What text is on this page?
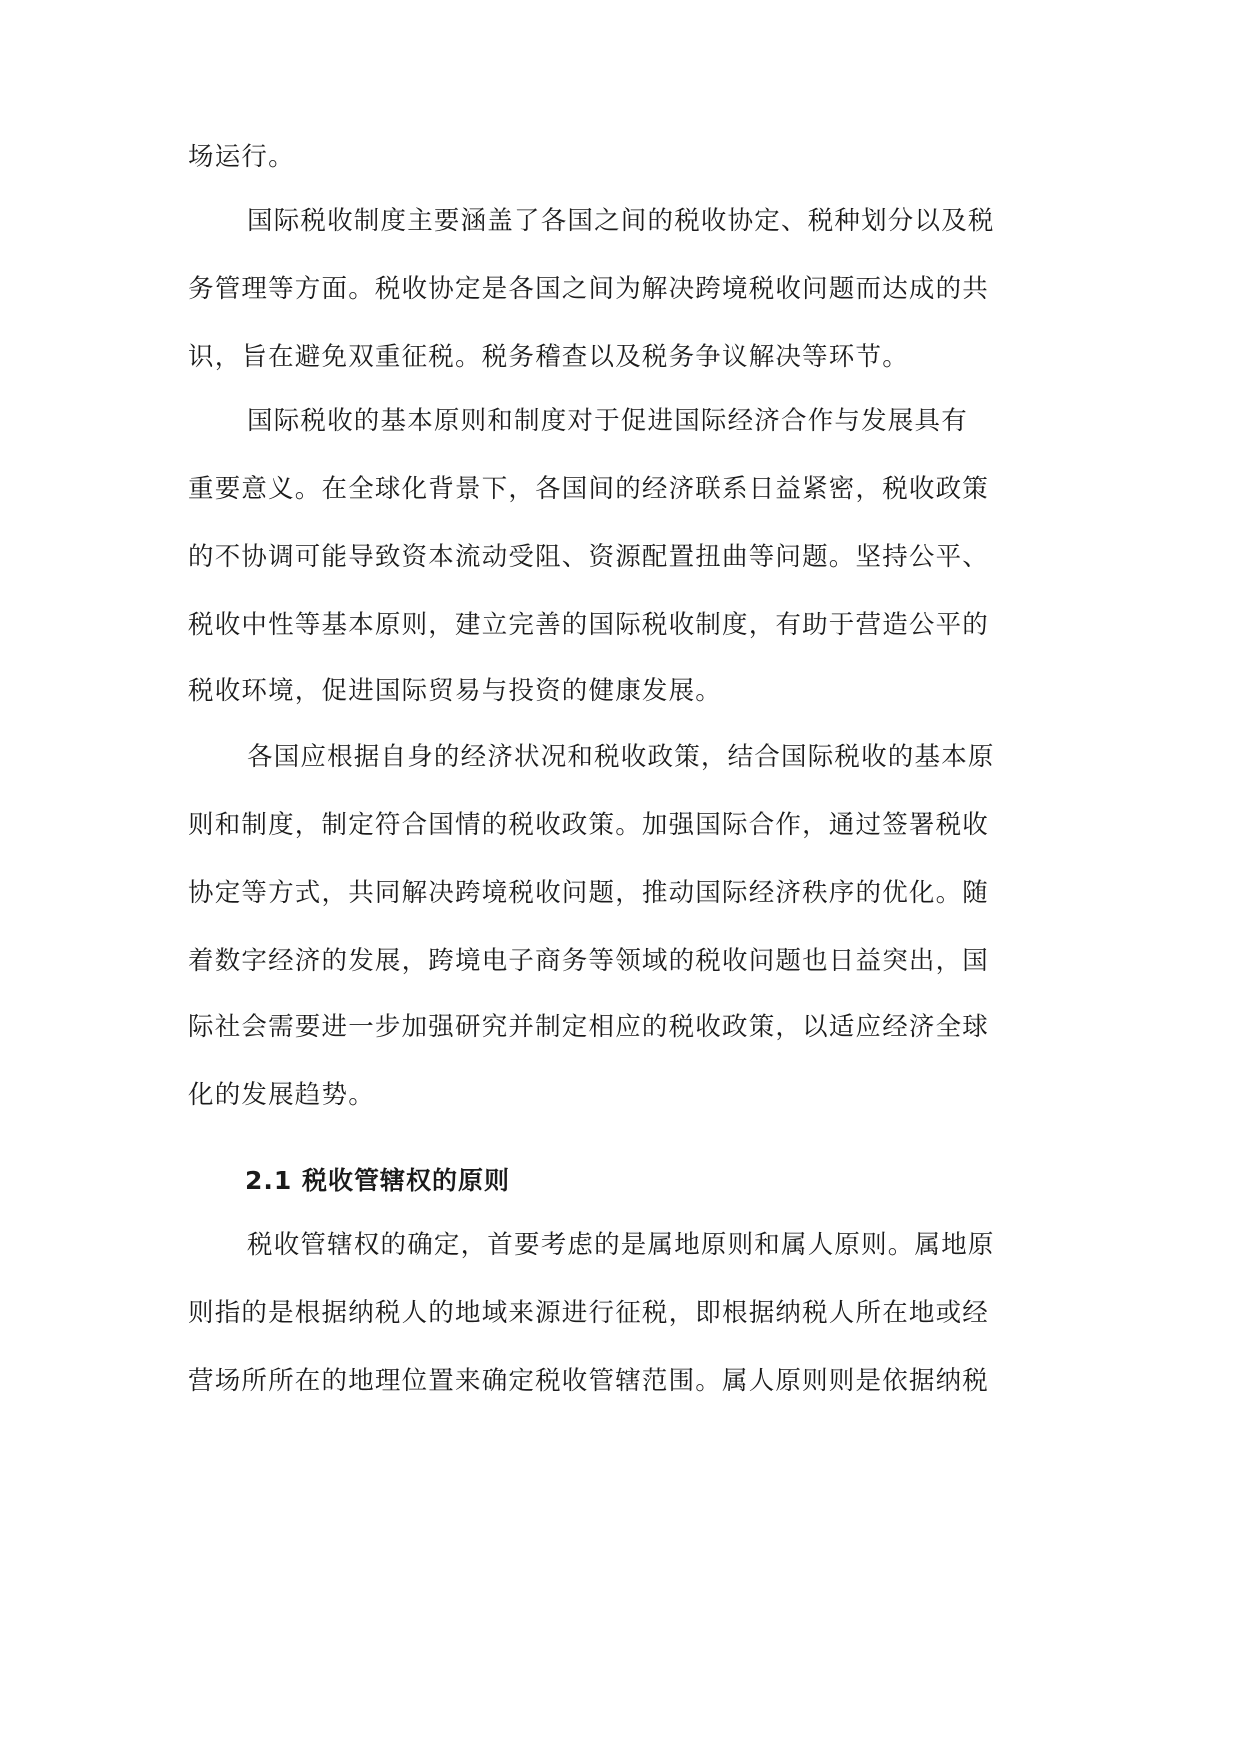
场运行。
国际税收制度主要涵盖了各国之间的税收协定、税种划分以及税
务管理等方面。税收协定是各国之间为解决跨境税收问题而达成的共
识，旨在避免双重征税。税务稽查以及税务争议解决等环节。
国际税收的基本原则和制度对于促进国际经济合作与发展具有
重要意义。在全球化背景下，各国间的经济联系日益紧密，税收政策
的不协调可能导致资本流动受阻、资源配置扭曲等问题。坚持公平、
税收中性等基本原则，建立完善的国际税收制度，有助于营造公平的
税收环境，促进国际贸易与投资的健康发展。
各国应根据自身的经济状况和税收政策，结合国际税收的基本原
则和制度，制定符合国情的税收政策。加强国际合作，通过签署税收
协定等方式，共同解决跨境税收问题，推动国际经济秩序的优化。随
着数字经济的发展，跨境电子商务等领域的税收问题也日益突出，国
际社会需要进一步加强研究并制定相应的税收政策，以适应经济全球
化的发展趋势。
2.1 税收管辖权的原则
税收管辖权的确定，首要考虑的是属地原则和属人原则。属地原
则指的是根据纳税人的地域来源进行征税，即根据纳税人所在地或经
营场所所在的地理位置来确定税收管辖范围。属人原则则是依据纳税
